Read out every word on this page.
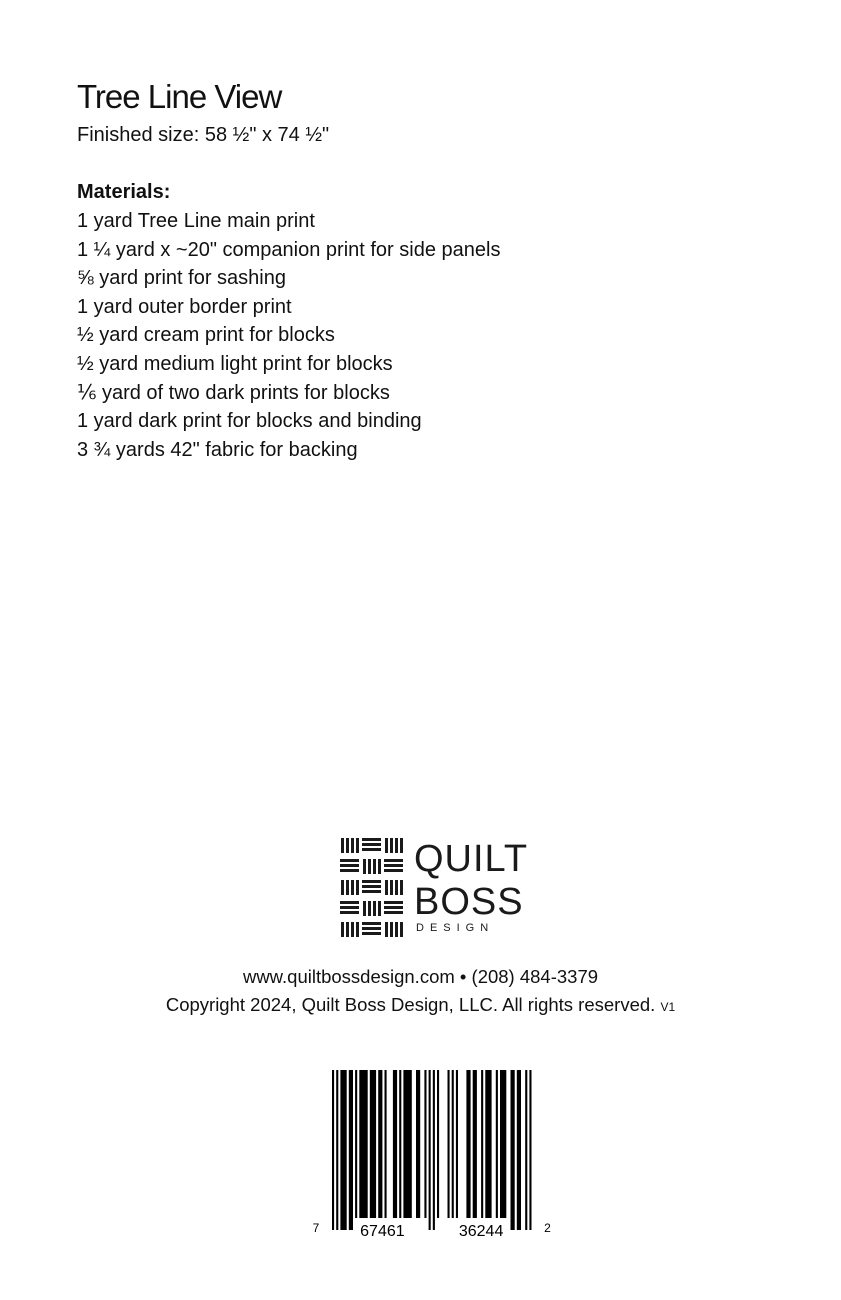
Tree Line View
Finished size: 58 ½" x 74 ½"

Materials:

1 yard Tree Line main print
1 ¼ yard x ~20" companion print for side panels
⅝ yard print for sashing
1 yard outer border print
½ yard cream print for blocks
½ yard medium light print for blocks
⅙ yard of two dark prints for blocks
1 yard dark print for blocks and binding
3 ¾ yards 42" fabric for backing
QUILT
BOSS
DESIGN
www.quiltbossdesign.com • (208) 484-3379
Copyright 2024, Quilt Boss Design, LLC. All rights reserved. V1
7	67461	36244	2
